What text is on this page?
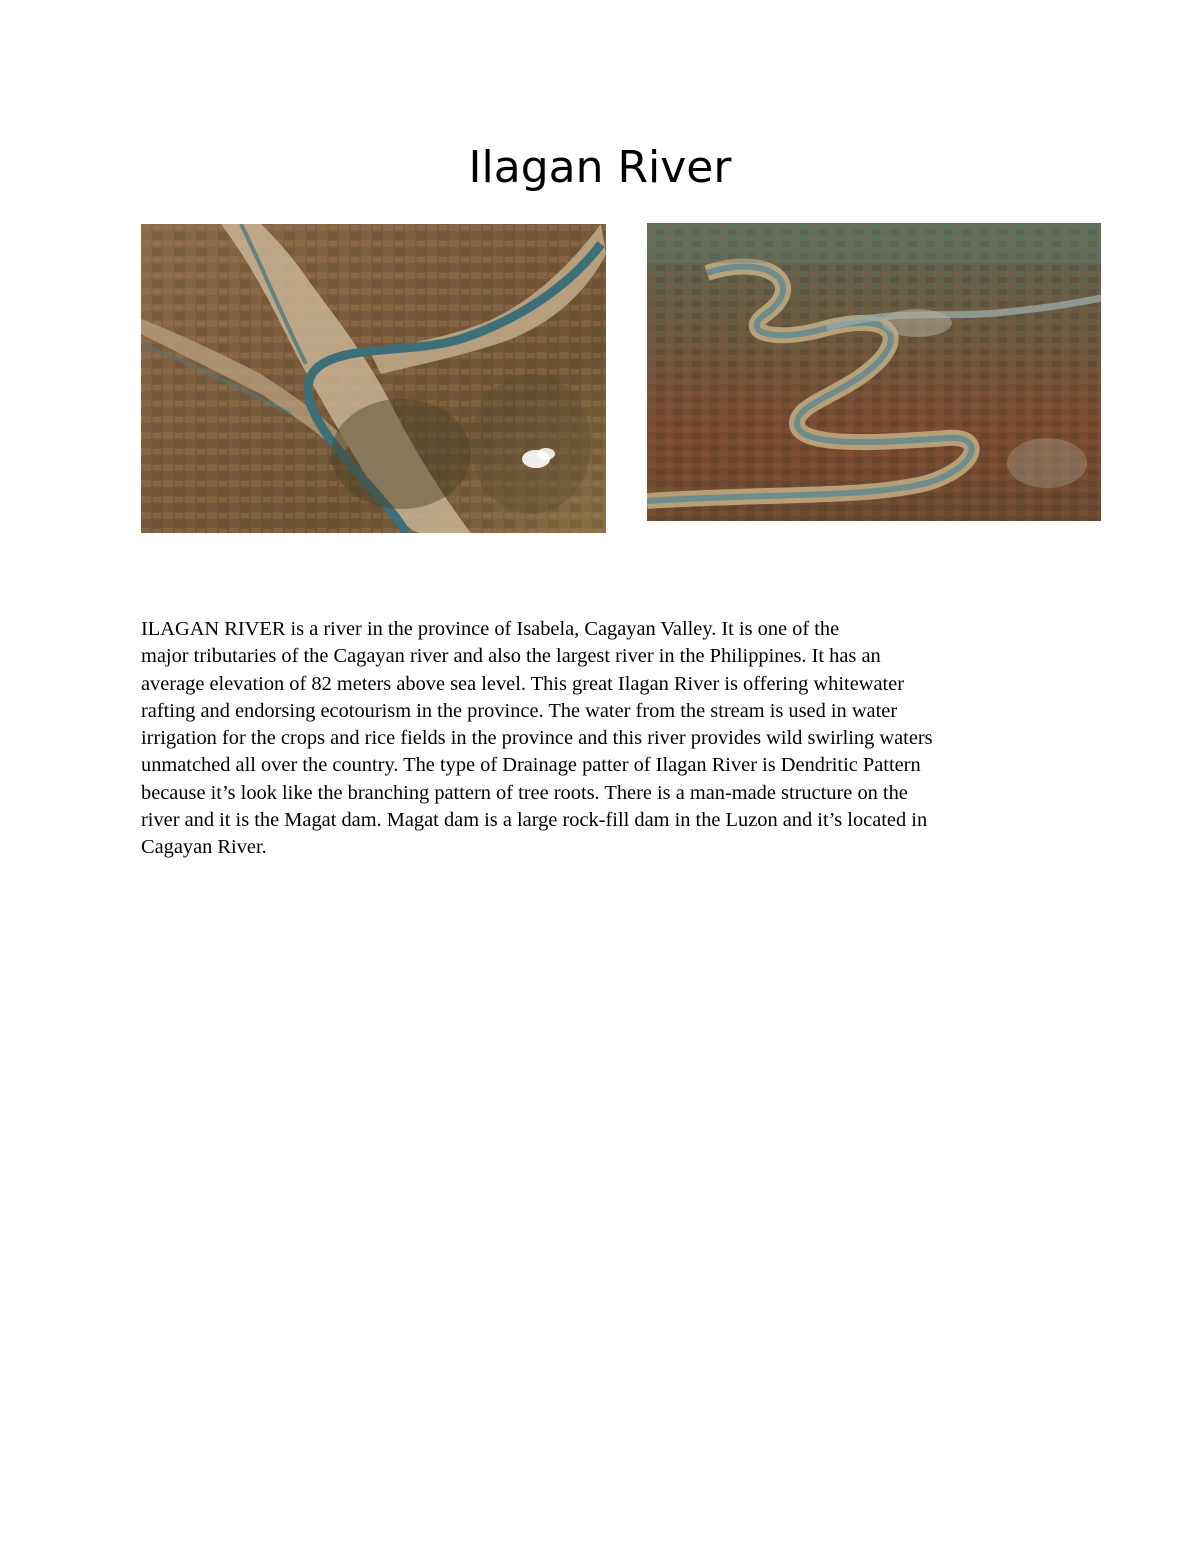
Ilagan River

ILAGAN RIVER is a river in the province of Isabela, Cagayan Valley. It is one of the
major tributaries of the Cagayan river and also the largest river in the Philippines. It has an
average elevation of 82 meters above sea level. This great Ilagan River is offering whitewater
rafting and endorsing ecotourism in the province. The water from the stream is used in water
irrigation for the crops and rice fields in the province and this river provides wild swirling waters
unmatched all over the country. The type of Drainage patter of Ilagan River is Dendritic Pattern
because it’s look like the branching pattern of tree roots. There is a man-made structure on the
river and it is the Magat dam. Magat dam is a large rock-fill dam in the Luzon and it’s located in
Cagayan River.
